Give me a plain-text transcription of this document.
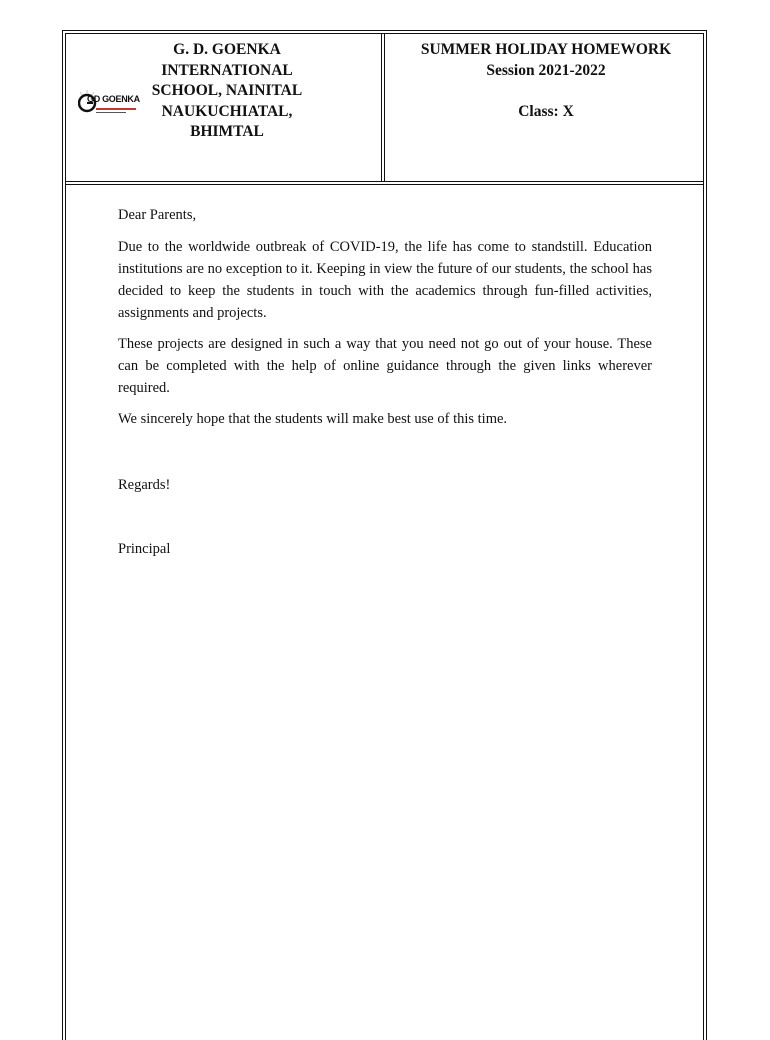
GD GOENKA
G. D. GOENKA
INTERNATIONAL
SCHOOL, NAINITAL
NAUKUCHIATAL,
BHIMTAL
SUMMER HOLIDAY HOMEWORK
Session 2021-2022
Class: X

Dear Parents,

Due to the worldwide outbreak of COVID-19, the life has come to standstill. Education institutions are no exception to it. Keeping in view the future of our students, the school has decided to keep the students in touch with the academics through fun-filled activities, assignments and projects.

These projects are designed in such a way that you need not go out of your house. These can be completed with the help of online guidance through the given links wherever required.

We sincerely hope that the students will make best use of this time.

Regards!
Principal
